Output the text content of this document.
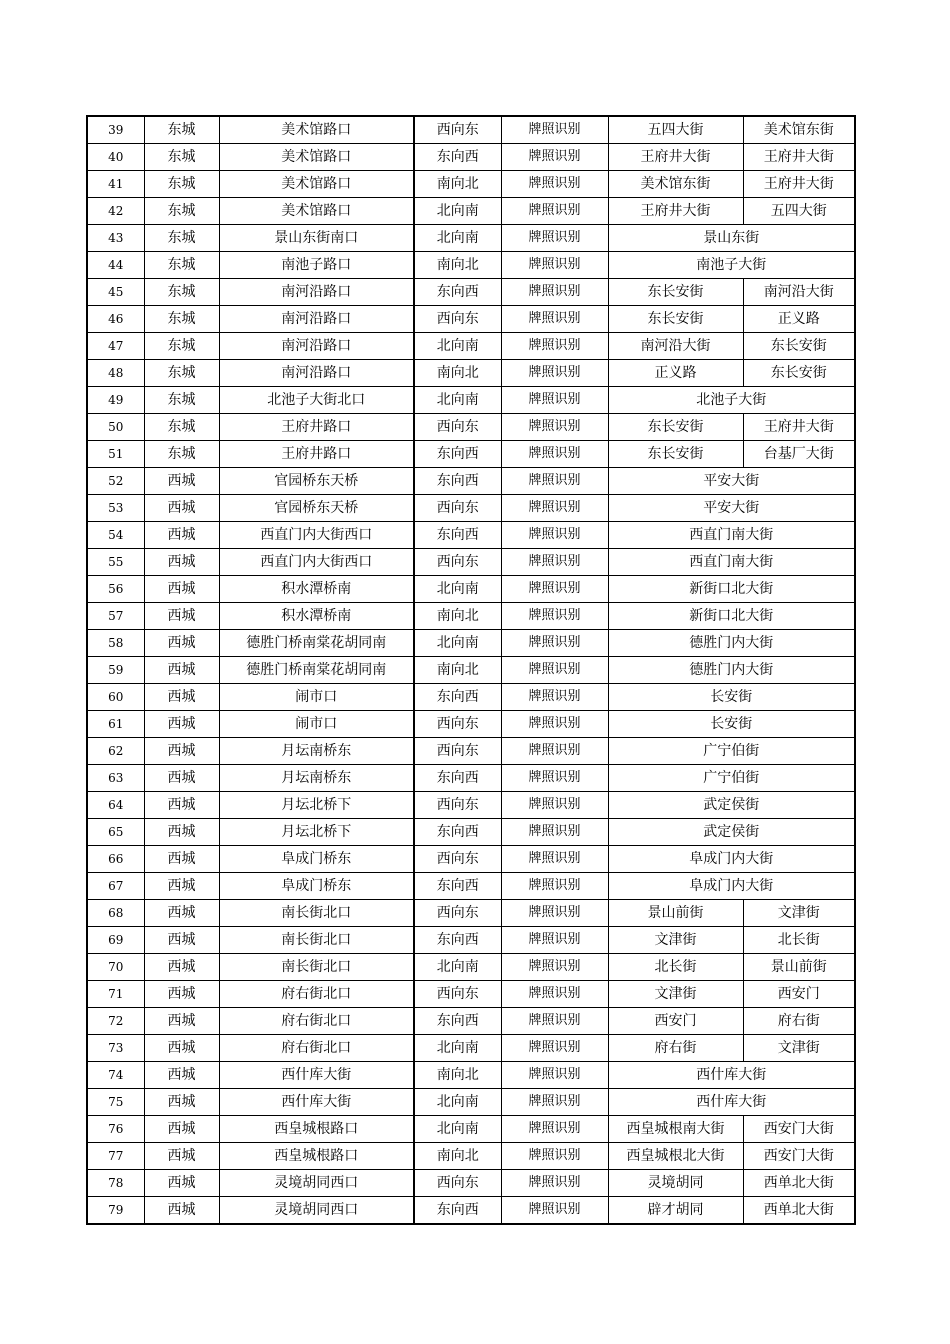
39	东城	美术馆路口	西向东	牌照识别	五四大街	美术馆东街
40	东城	美术馆路口	东向西	牌照识别	王府井大街	王府井大街
41	东城	美术馆路口	南向北	牌照识别	美术馆东街	王府井大街
42	东城	美术馆路口	北向南	牌照识别	王府井大街	五四大街
43	东城	景山东街南口	北向南	牌照识别	景山东街	
44	东城	南池子路口	南向北	牌照识别	南池子大街	
45	东城	南河沿路口	东向西	牌照识别	东长安街	南河沿大街
46	东城	南河沿路口	西向东	牌照识别	东长安街	正义路
47	东城	南河沿路口	北向南	牌照识别	南河沿大街	东长安街
48	东城	南河沿路口	南向北	牌照识别	正义路	东长安街
49	东城	北池子大街北口	北向南	牌照识别	北池子大街	
50	东城	王府井路口	西向东	牌照识别	东长安街	王府井大街
51	东城	王府井路口	东向西	牌照识别	东长安街	台基厂大街
52	西城	官园桥东天桥	东向西	牌照识别	平安大街	
53	西城	官园桥东天桥	西向东	牌照识别	平安大街	
54	西城	西直门内大街西口	东向西	牌照识别	西直门南大街	
55	西城	西直门内大街西口	西向东	牌照识别	西直门南大街	
56	西城	积水潭桥南	北向南	牌照识别	新街口北大街	
57	西城	积水潭桥南	南向北	牌照识别	新街口北大街	
58	西城	德胜门桥南棠花胡同南	北向南	牌照识别	德胜门内大街	
59	西城	德胜门桥南棠花胡同南	南向北	牌照识别	德胜门内大街	
60	西城	闹市口	东向西	牌照识别	长安街	
61	西城	闹市口	西向东	牌照识别	长安街	
62	西城	月坛南桥东	西向东	牌照识别	广宁伯街	
63	西城	月坛南桥东	东向西	牌照识别	广宁伯街	
64	西城	月坛北桥下	西向东	牌照识别	武定侯街	
65	西城	月坛北桥下	东向西	牌照识别	武定侯街	
66	西城	阜成门桥东	西向东	牌照识别	阜成门内大街	
67	西城	阜成门桥东	东向西	牌照识别	阜成门内大街	
68	西城	南长街北口	西向东	牌照识别	景山前街	文津街
69	西城	南长街北口	东向西	牌照识别	文津街	北长街
70	西城	南长街北口	北向南	牌照识别	北长街	景山前街
71	西城	府右街北口	西向东	牌照识别	文津街	西安门
72	西城	府右街北口	东向西	牌照识别	西安门	府右街
73	西城	府右街北口	北向南	牌照识别	府右街	文津街
74	西城	西什库大街	南向北	牌照识别	西什库大街	
75	西城	西什库大街	北向南	牌照识别	西什库大街	
76	西城	西皇城根路口	北向南	牌照识别	西皇城根南大街	西安门大街
77	西城	西皇城根路口	南向北	牌照识别	西皇城根北大街	西安门大街
78	西城	灵境胡同西口	西向东	牌照识别	灵境胡同	西单北大街
79	西城	灵境胡同西口	东向西	牌照识别	辟才胡同	西单北大街
